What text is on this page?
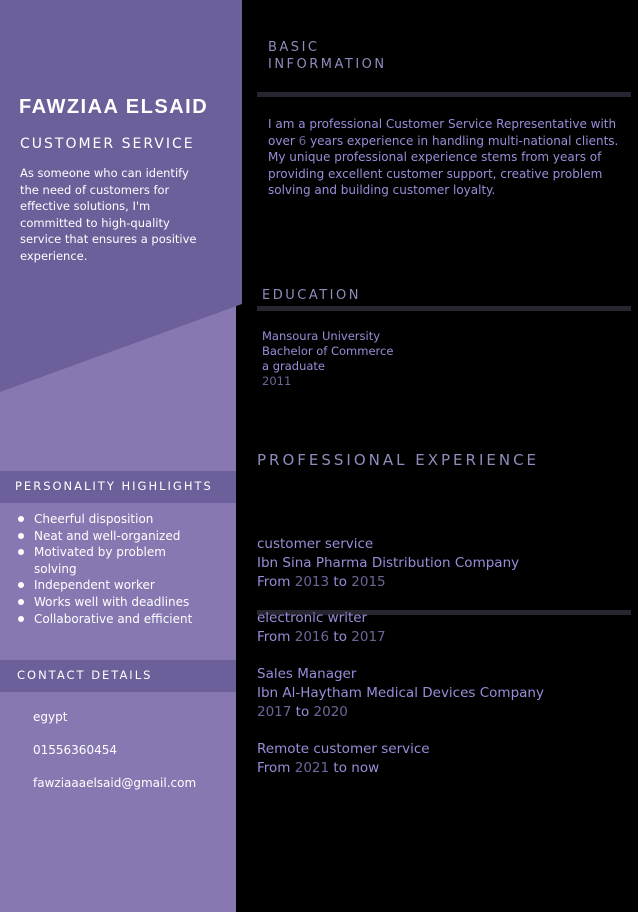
FAWZIAA ELSAID
CUSTOMER SERVICE
As someone who can identify the need of customers for effective solutions, I'm committed to high-quality service that ensures a positive experience.
PERSONALITY HIGHLIGHTS
Cheerful disposition
Neat and well-organized
Motivated by problem solving
Independent worker
Works well with deadlines
Collaborative and efficient
CONTACT DETAILS
egypt
01556360454
fawziaaaelsaid@gmail.com
BASIC
INFORMATION
I am a professional Customer Service Representative with over 6 years experience in handling multi-national clients. My unique professional experience stems from years of providing excellent customer support, creative problem solving and building customer loyalty.
EDUCATION
Mansoura University
Bachelor of Commerce
a graduate
2011
PROFESSIONAL EXPERIENCE
customer service
Ibn Sina Pharma Distribution Company
From 2013 to 2015
electronic writer
From 2016 to 2017
Sales Manager
Ibn Al-Haytham Medical Devices Company
2017 to 2020
Remote customer service
From 2021 to now
